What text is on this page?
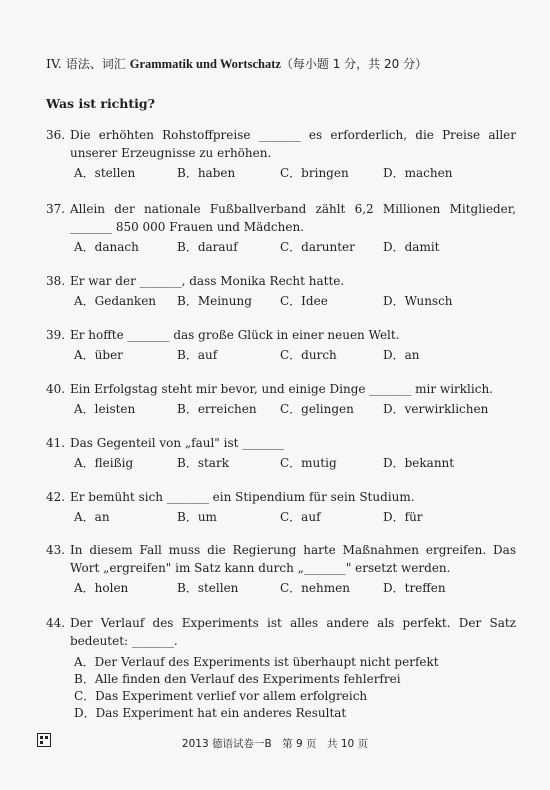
IV. 语法、词汇 Grammatik und Wortschatz（每小题 1 分，共 20 分）
Was ist richtig?
36. Die erhöhten Rohstoffpreise _______ es erforderlich, die Preise aller unserer Erzeugnisse zu erhöhen.
A．stellen	B．haben	C．bringen	D．machen
37. Allein der nationale Fußballverband zählt 6,2 Millionen Mitglieder, _______ 850 000 Frauen und Mädchen.
A．danach	B．darauf	C．darunter	D．damit
38. Er war der _______, dass Monika Recht hatte.
A．Gedanken	B．Meinung	C．Idee	D．Wunsch
39. Er hoffte _______ das große Glück in einer neuen Welt.
A．über	B．auf	C．durch	D．an
40. Ein Erfolgstag steht mir bevor, und einige Dinge _______ mir wirklich.
A．leisten	B．erreichen	C．gelingen	D．verwirklichen
41. Das Gegenteil von „faul" ist _______
A．fleißig	B．stark	C．mutig	D．bekannt
42. Er bemüht sich _______ ein Stipendium für sein Studium.
A．an	B．um	C．auf	D．für
43. In diesem Fall muss die Regierung harte Maßnahmen ergreifen. Das Wort „ergreifen" im Satz kann durch „_______" ersetzt werden.
A．holen	B．stellen	C．nehmen	D．treffen
44. Der Verlauf des Experiments ist alles andere als perfekt. Der Satz bedeutet: _______.
A．Der Verlauf des Experiments ist überhaupt nicht perfekt
B．Alle finden den Verlauf des Experiments fehlerfrei
C．Das Experiment verlief vor allem erfolgreich
D．Das Experiment hat ein anderes Resultat
2013 德语试卷一B　第 9 页　共 10 页
